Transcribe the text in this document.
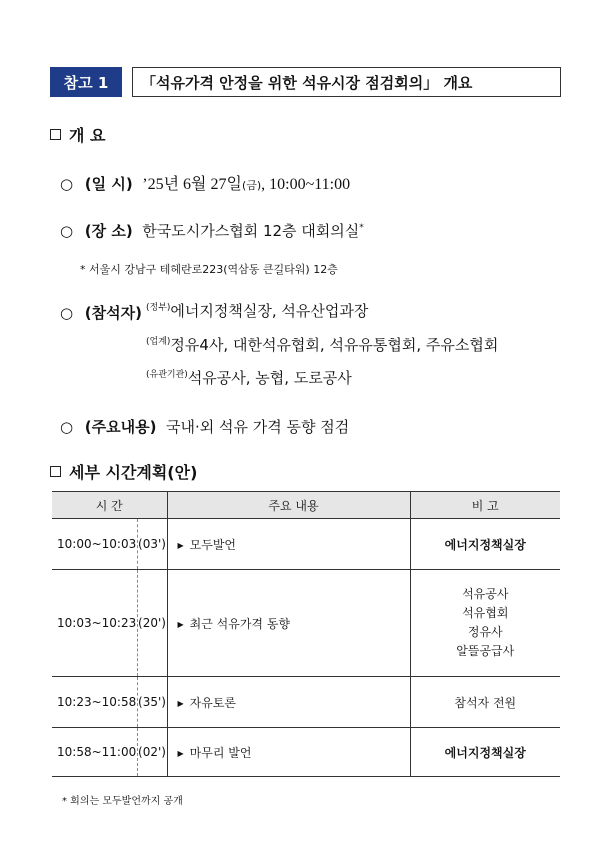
참고 1	「석유가격 안정을 위한 석유시장 점검회의」 개요
개 요
○ (일 시) ’25년 6월 27일(금), 10:00~11:00
○ (장 소) 한국도시가스협회 12층 대회의실*
* 서울시 강남구 테헤란로223(역삼동 큰길타워) 12층
○ (참석자) $^{(정부)}$에너지정책실장, 석유산업과장
$^{(업계)}$정유4사, 대한석유협회, 석유유통협회, 주유소협회
$^{(유관기관)}$석유공사, 농협, 도로공사
○ (주요내용) 국내·외 석유 가격 동향 점검
세부 시간계획(안)
시 간		주요 내용	비 고
10:00~10:03	(03')	▶ 모두발언	에너지정책실장
10:03~10:23	(20')	▶ 최근 석유가격 동향	석유공사
석유협회
정유사
알뜰공급사

10:23~10:58	(35')	▶ 자유토론	참석자 전원
10:58~11:00	(02')	▶ 마무리 발언	에너지정책실장
* 회의는 모두발언까지 공개
